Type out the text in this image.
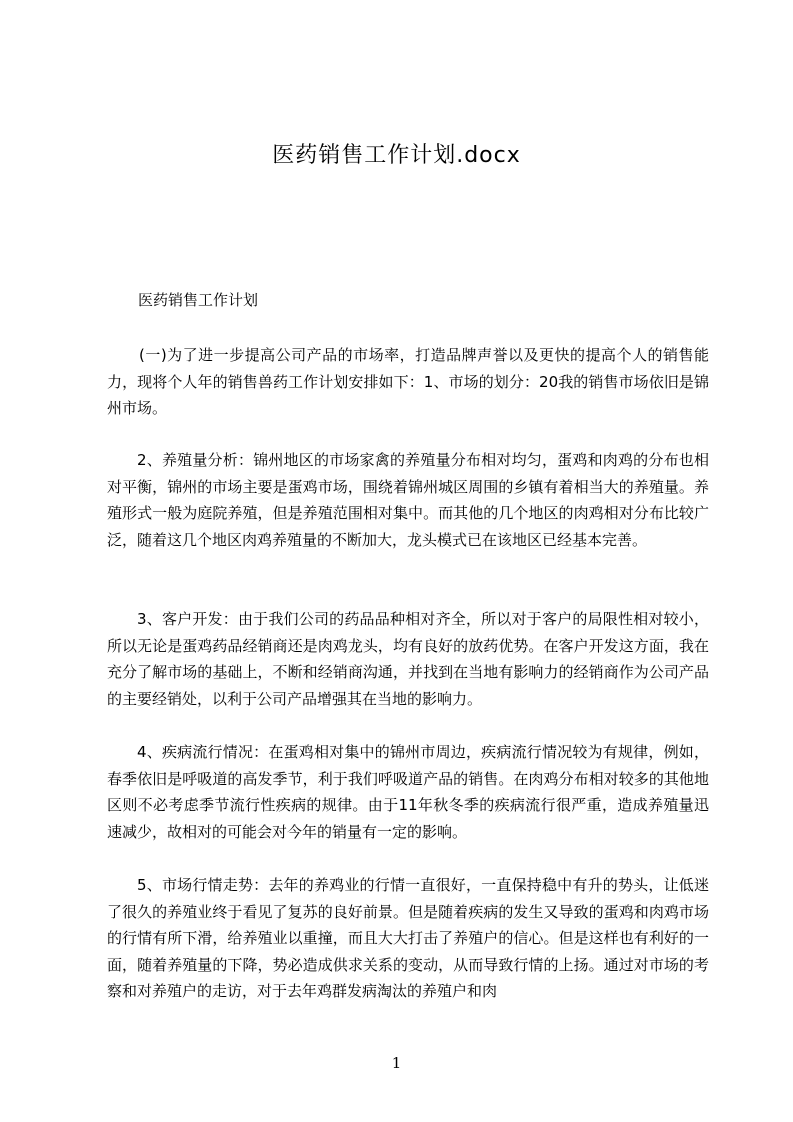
医药销售工作计划.docx
医药销售工作计划
(一)为了进一步提高公司产品的市场率，打造品牌声誉以及更快的提高个人的销售能力，现将个人年的销售兽药工作计划安排如下：1、市场的划分：20我的销售市场依旧是锦州市场。
2、养殖量分析：锦州地区的市场家禽的养殖量分布相对均匀，蛋鸡和肉鸡的分布也相对平衡，锦州的市场主要是蛋鸡市场，围绕着锦州城区周围的乡镇有着相当大的养殖量。养殖形式一般为庭院养殖，但是养殖范围相对集中。而其他的几个地区的肉鸡相对分布比较广泛，随着这几个地区肉鸡养殖量的不断加大，龙头模式已在该地区已经基本完善。
3、客户开发：由于我们公司的药品品种相对齐全，所以对于客户的局限性相对较小，所以无论是蛋鸡药品经销商还是肉鸡龙头，均有良好的放药优势。在客户开发这方面，我在充分了解市场的基础上，不断和经销商沟通，并找到在当地有影响力的经销商作为公司产品的主要经销处，以利于公司产品增强其在当地的影响力。
4、疾病流行情况：在蛋鸡相对集中的锦州市周边，疾病流行情况较为有规律，例如，春季依旧是呼吸道的高发季节，利于我们呼吸道产品的销售。在肉鸡分布相对较多的其他地区则不必考虑季节流行性疾病的规律。由于11年秋冬季的疾病流行很严重，造成养殖量迅速减少，故相对的可能会对今年的销量有一定的影响。
5、市场行情走势：去年的养鸡业的行情一直很好，一直保持稳中有升的势头，让低迷了很久的养殖业终于看见了复苏的良好前景。但是随着疾病的发生又导致的蛋鸡和肉鸡市场的行情有所下滑，给养殖业以重撞，而且大大打击了养殖户的信心。但是这样也有利好的一面，随着养殖量的下降，势必造成供求关系的变动，从而导致行情的上扬。通过对市场的考察和对养殖户的走访，对于去年鸡群发病淘汰的养殖户和肉
1
